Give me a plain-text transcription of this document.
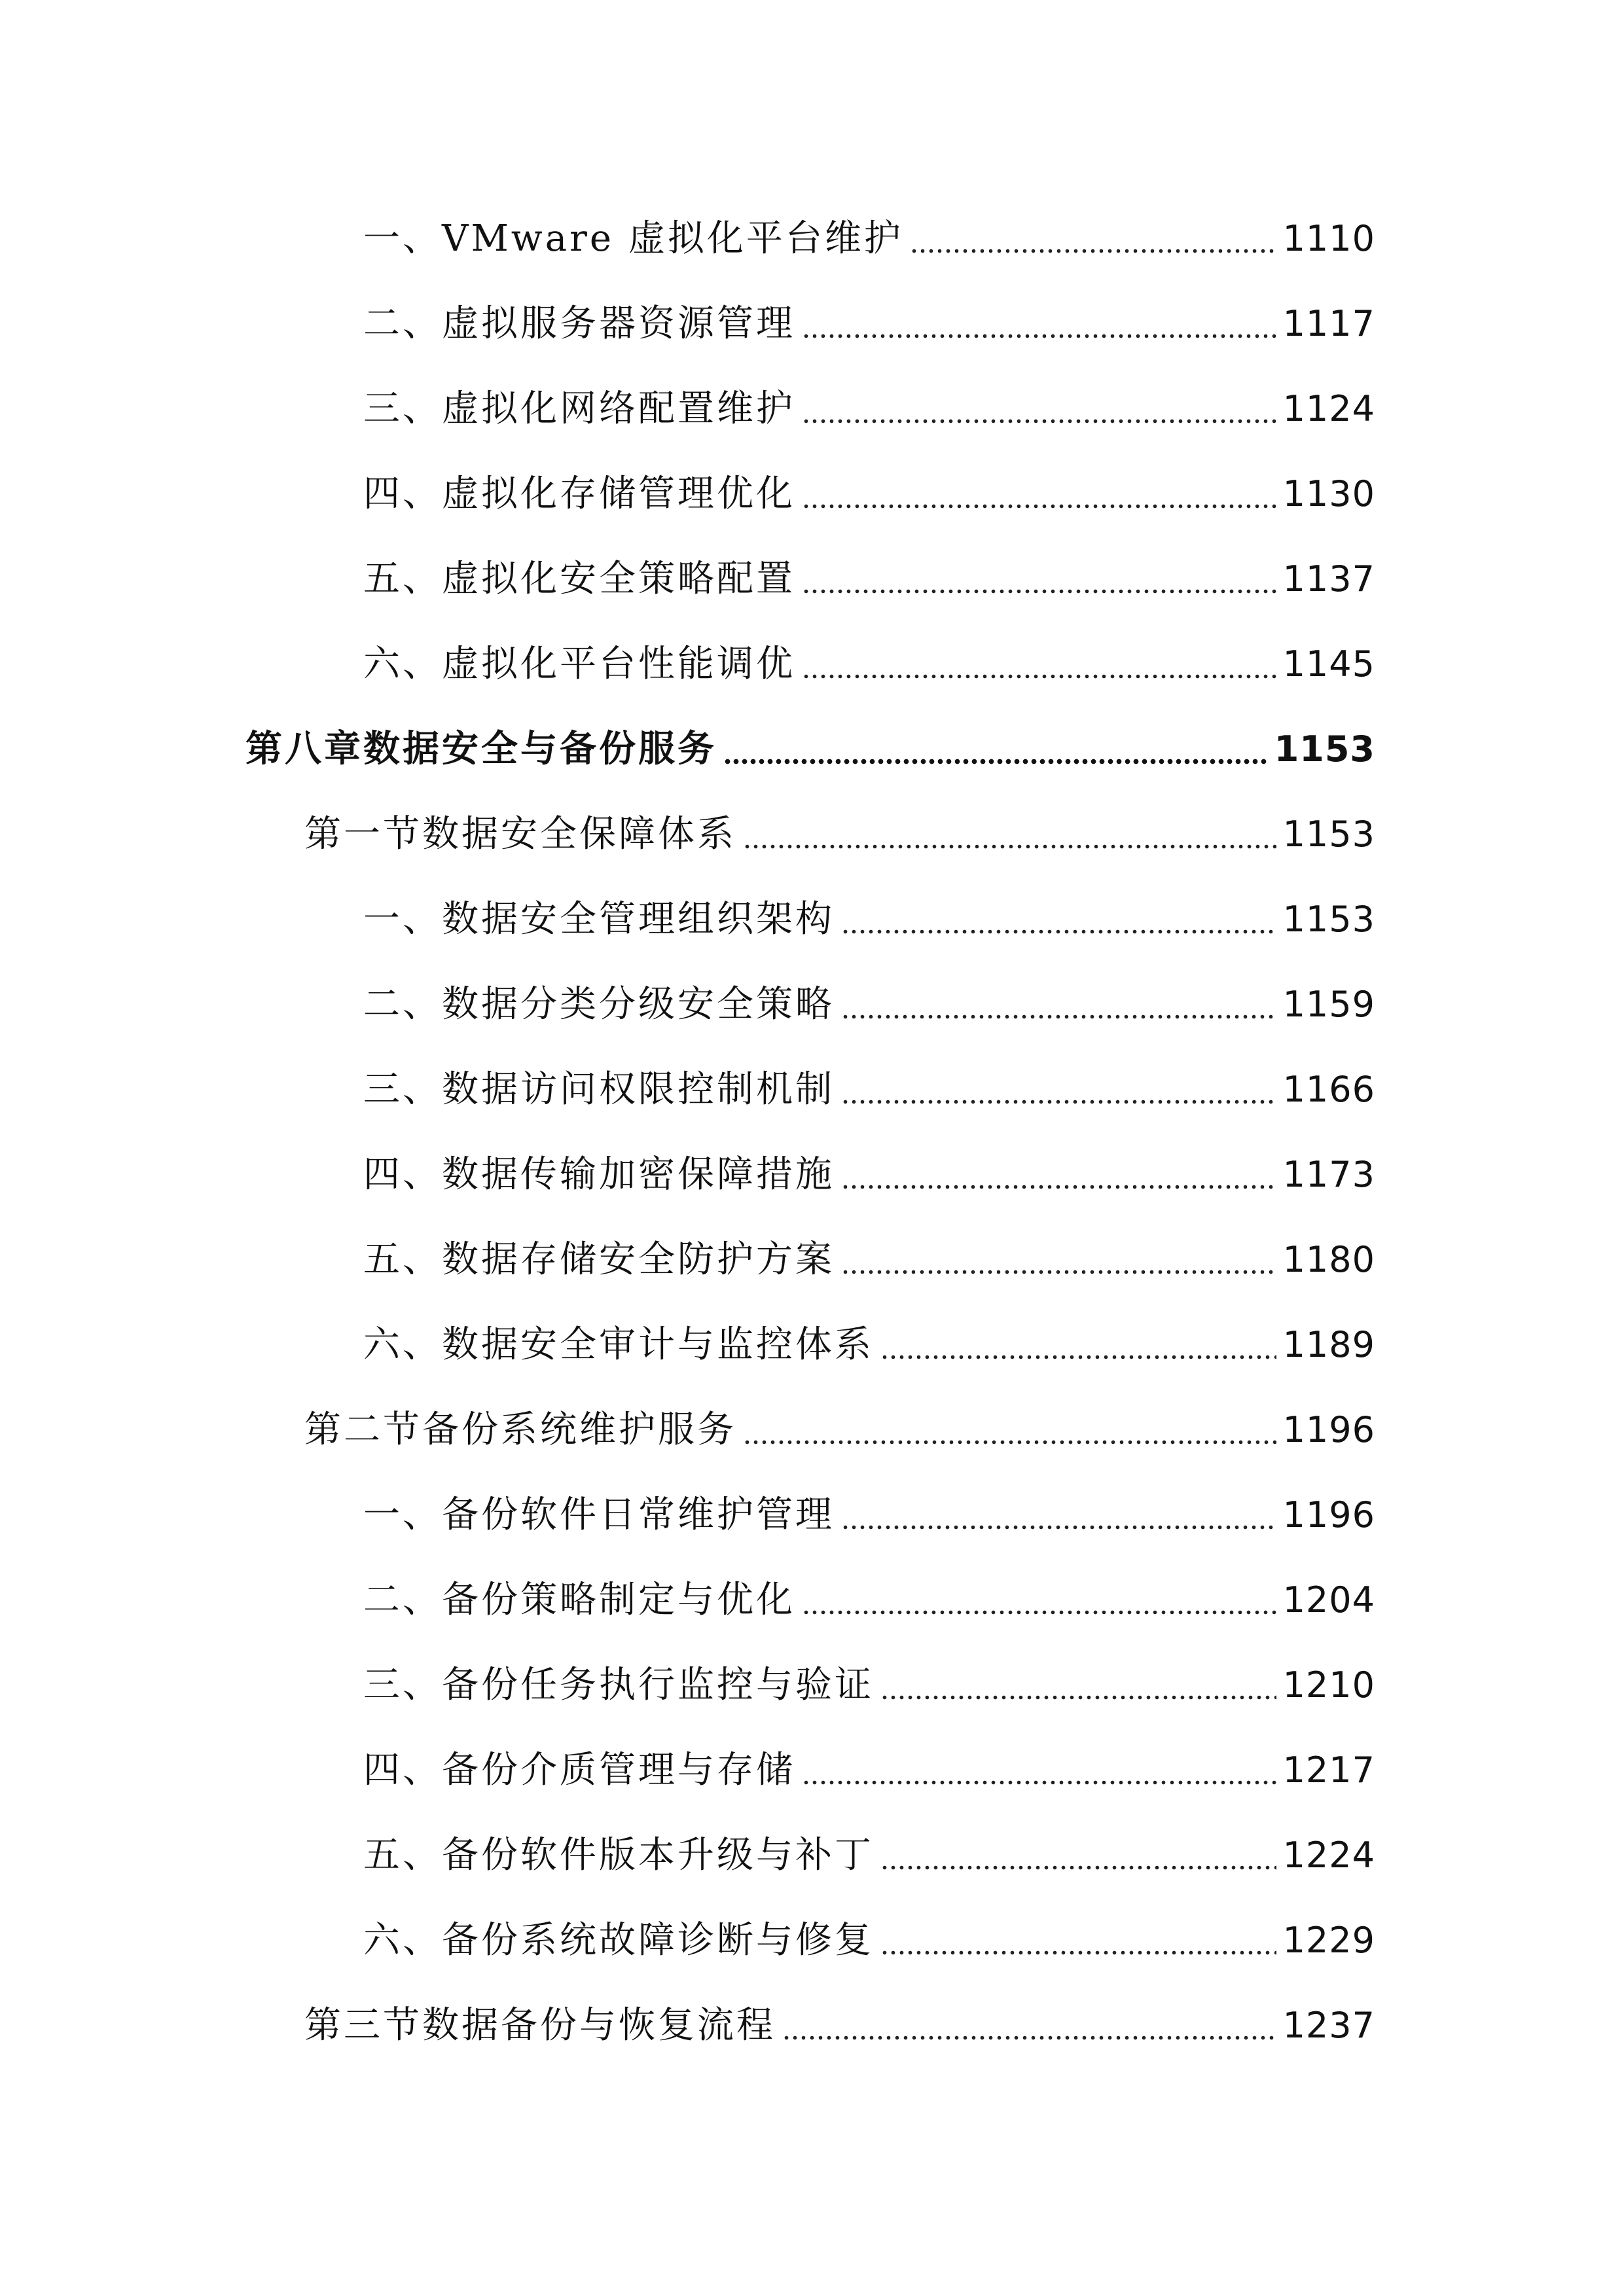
一、VMware 虚拟化平台维护	1110
二、虚拟服务器资源管理	1117
三、虚拟化网络配置维护	1124
四、虚拟化存储管理优化	1130
五、虚拟化安全策略配置	1137
六、虚拟化平台性能调优	1145
第八章数据安全与备份服务	1153
第一节数据安全保障体系	1153
一、数据安全管理组织架构	1153
二、数据分类分级安全策略	1159
三、数据访问权限控制机制	1166
四、数据传输加密保障措施	1173
五、数据存储安全防护方案	1180
六、数据安全审计与监控体系	1189
第二节备份系统维护服务	1196
一、备份软件日常维护管理	1196
二、备份策略制定与优化	1204
三、备份任务执行监控与验证	1210
四、备份介质管理与存储	1217
五、备份软件版本升级与补丁	1224
六、备份系统故障诊断与修复	1229
第三节数据备份与恢复流程	1237
